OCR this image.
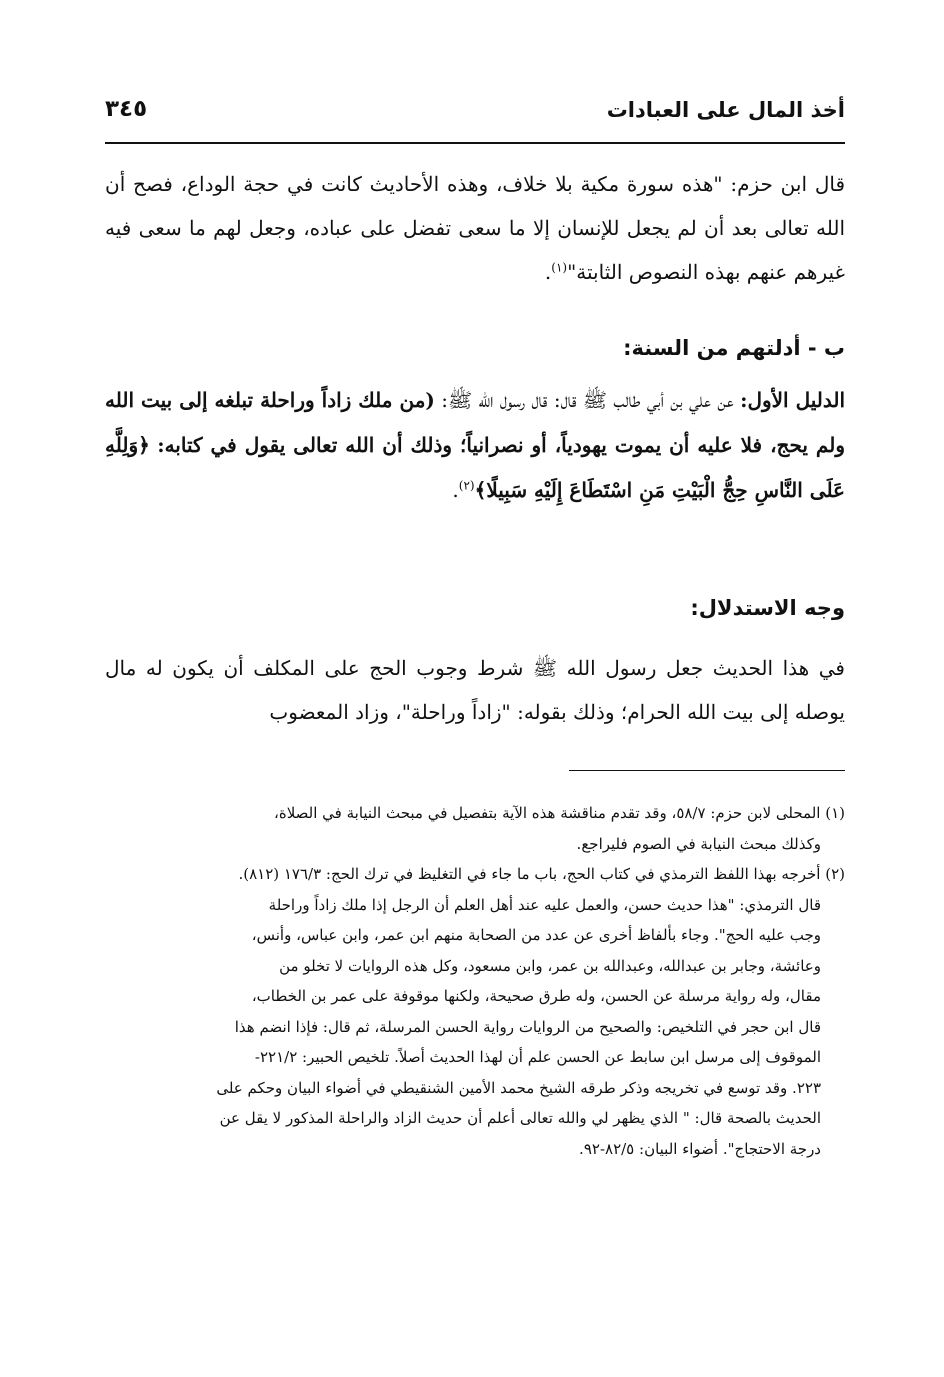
أخذ المال على العبادات
٣٤٥
قال ابن حزم: "هذه سورة مكية بلا خلاف، وهذه الأحاديث كانت في حجة الوداع، فصح أن الله تعالى بعد أن لم يجعل للإنسان إلا ما سعى تفضل على عباده، وجعل لهم ما سعى فيه غيرهم عنهم بهذه النصوص الثابتة"$^{(١)}$.
ب - أدلتهم من السنة:
الدليل الأول: عن علي بن أبي طالب ﷺ قال: قال رسول الله ﷺ: (من ملك زاداً وراحلة تبلغه إلى بيت الله ولم يحج، فلا عليه أن يموت يهودياً، أو نصرانياً؛ وذلك أن الله تعالى يقول في كتابه: ﴿وَلِلَّهِ عَلَى النَّاسِ حِجُّ الْبَيْتِ مَنِ اسْتَطَاعَ إِلَيْهِ سَبِيلًا﴾$^{(٢)}$.
وجه الاستدلال:
في هذا الحديث جعل رسول الله ﷺ شرط وجوب الحج على المكلف أن يكون له مال يوصله إلى بيت الله الحرام؛ وذلك بقوله: "زاداً وراحلة"، وزاد المعضوب

(١) المحلى لابن حزم: ٥٨/٧، وقد تقدم مناقشة هذه الآية بتفصيل في مبحث النيابة في الصلاة،

وكذلك مبحث النيابة في الصوم فليراجع.

(٢) أخرجه بهذا اللفظ الترمذي في كتاب الحج، باب ما جاء في التغليظ في ترك الحج: ١٧٦/٣ (٨١٢).

قال الترمذي: "هذا حديث حسن، والعمل عليه عند أهل العلم أن الرجل إذا ملك زاداً وراحلة

وجب عليه الحج". وجاء بألفاظ أخرى عن عدد من الصحابة منهم ابن عمر، وابن عباس، وأنس،

وعائشة، وجابر بن عبدالله، وعبدالله بن عمر، وابن مسعود، وكل هذه الروايات لا تخلو من

مقال، وله رواية مرسلة عن الحسن، وله طرق صحيحة، ولكنها موقوفة على عمر بن الخطاب،

قال ابن حجر في التلخيص: والصحيح من الروايات رواية الحسن المرسلة، ثم قال: فإذا انضم هذا

الموقوف إلى مرسل ابن سابط عن الحسن علم أن لهذا الحديث أصلاً. تلخيص الحبير: ٢٢١/٢-

٢٢٣. وقد توسع في تخريجه وذكر طرقه الشيخ محمد الأمين الشنقيطي في أضواء البيان وحكم على

الحديث بالصحة قال: " الذي يظهر لي والله تعالى أعلم أن حديث الزاد والراحلة المذكور لا يقل عن

درجة الاحتجاج". أضواء البيان: ٨٢/٥-٩٢.
